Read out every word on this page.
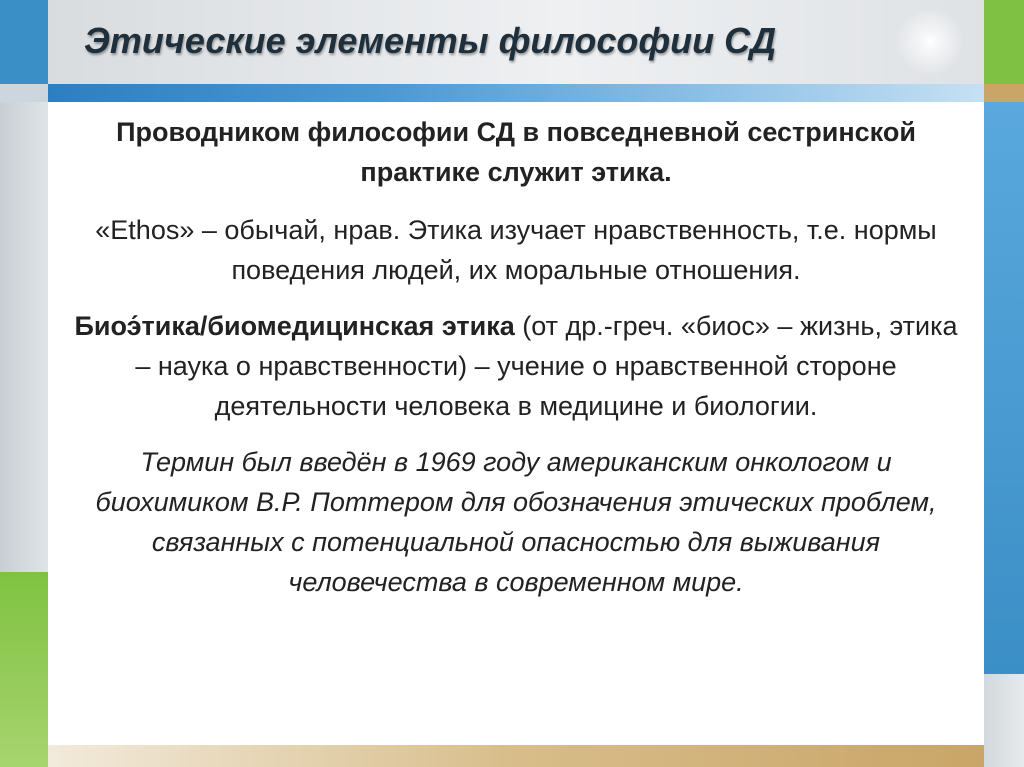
Этические элементы философии СД

Проводником философии СД в повседневной сестринской практике служит этика.

«Ethos» – обычай, нрав. Этика изучает нравственность, т.е. нормы поведения людей, их моральные отношения.

Биоэ́тика/биомедицинская этика (от др.-греч. «биос» – жизнь, этика – наука о нравственности) – учение о нравственной стороне деятельности человека в медицине и биологии.

Термин был введён в 1969 году американским онкологом и биохимиком В.Р. Поттером для обозначения этических проблем, связанных с потенциальной опасностью для выживания человечества в современном мире.
